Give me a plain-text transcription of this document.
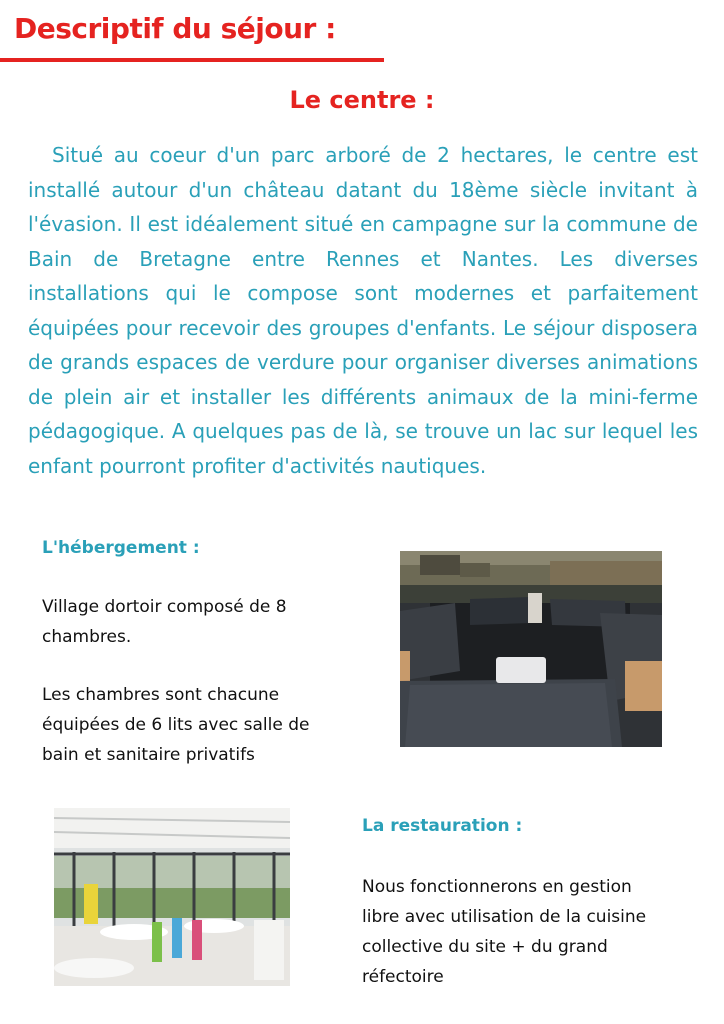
Descriptif du séjour :
Le centre :

Situé au coeur d'un parc arboré de 2 hectares, le centre est installé autour d'un château datant du 18ème siècle invitant à l'évasion. Il est idéalement situé en campagne sur la commune de Bain de Bretagne entre Rennes et Nantes. Les diverses installations qui le compose sont modernes et parfaitement équipées pour recevoir des groupes d'enfants. Le séjour disposera de grands espaces de verdure pour organiser diverses animations de plein air et installer les différents animaux de la mini-ferme pédagogique. A quelques pas de là, se trouve un lac sur lequel les enfant pourront profiter d'activités nautiques.

L'hébergement :

Village dortoir composé de 8 chambres.

Les chambres sont chacune équipées de 6 lits avec salle de bain et sanitaire privatifs

La restauration :

Nous fonctionnerons en gestion libre avec utilisation de la cuisine collective du site + du grand réfectoire
